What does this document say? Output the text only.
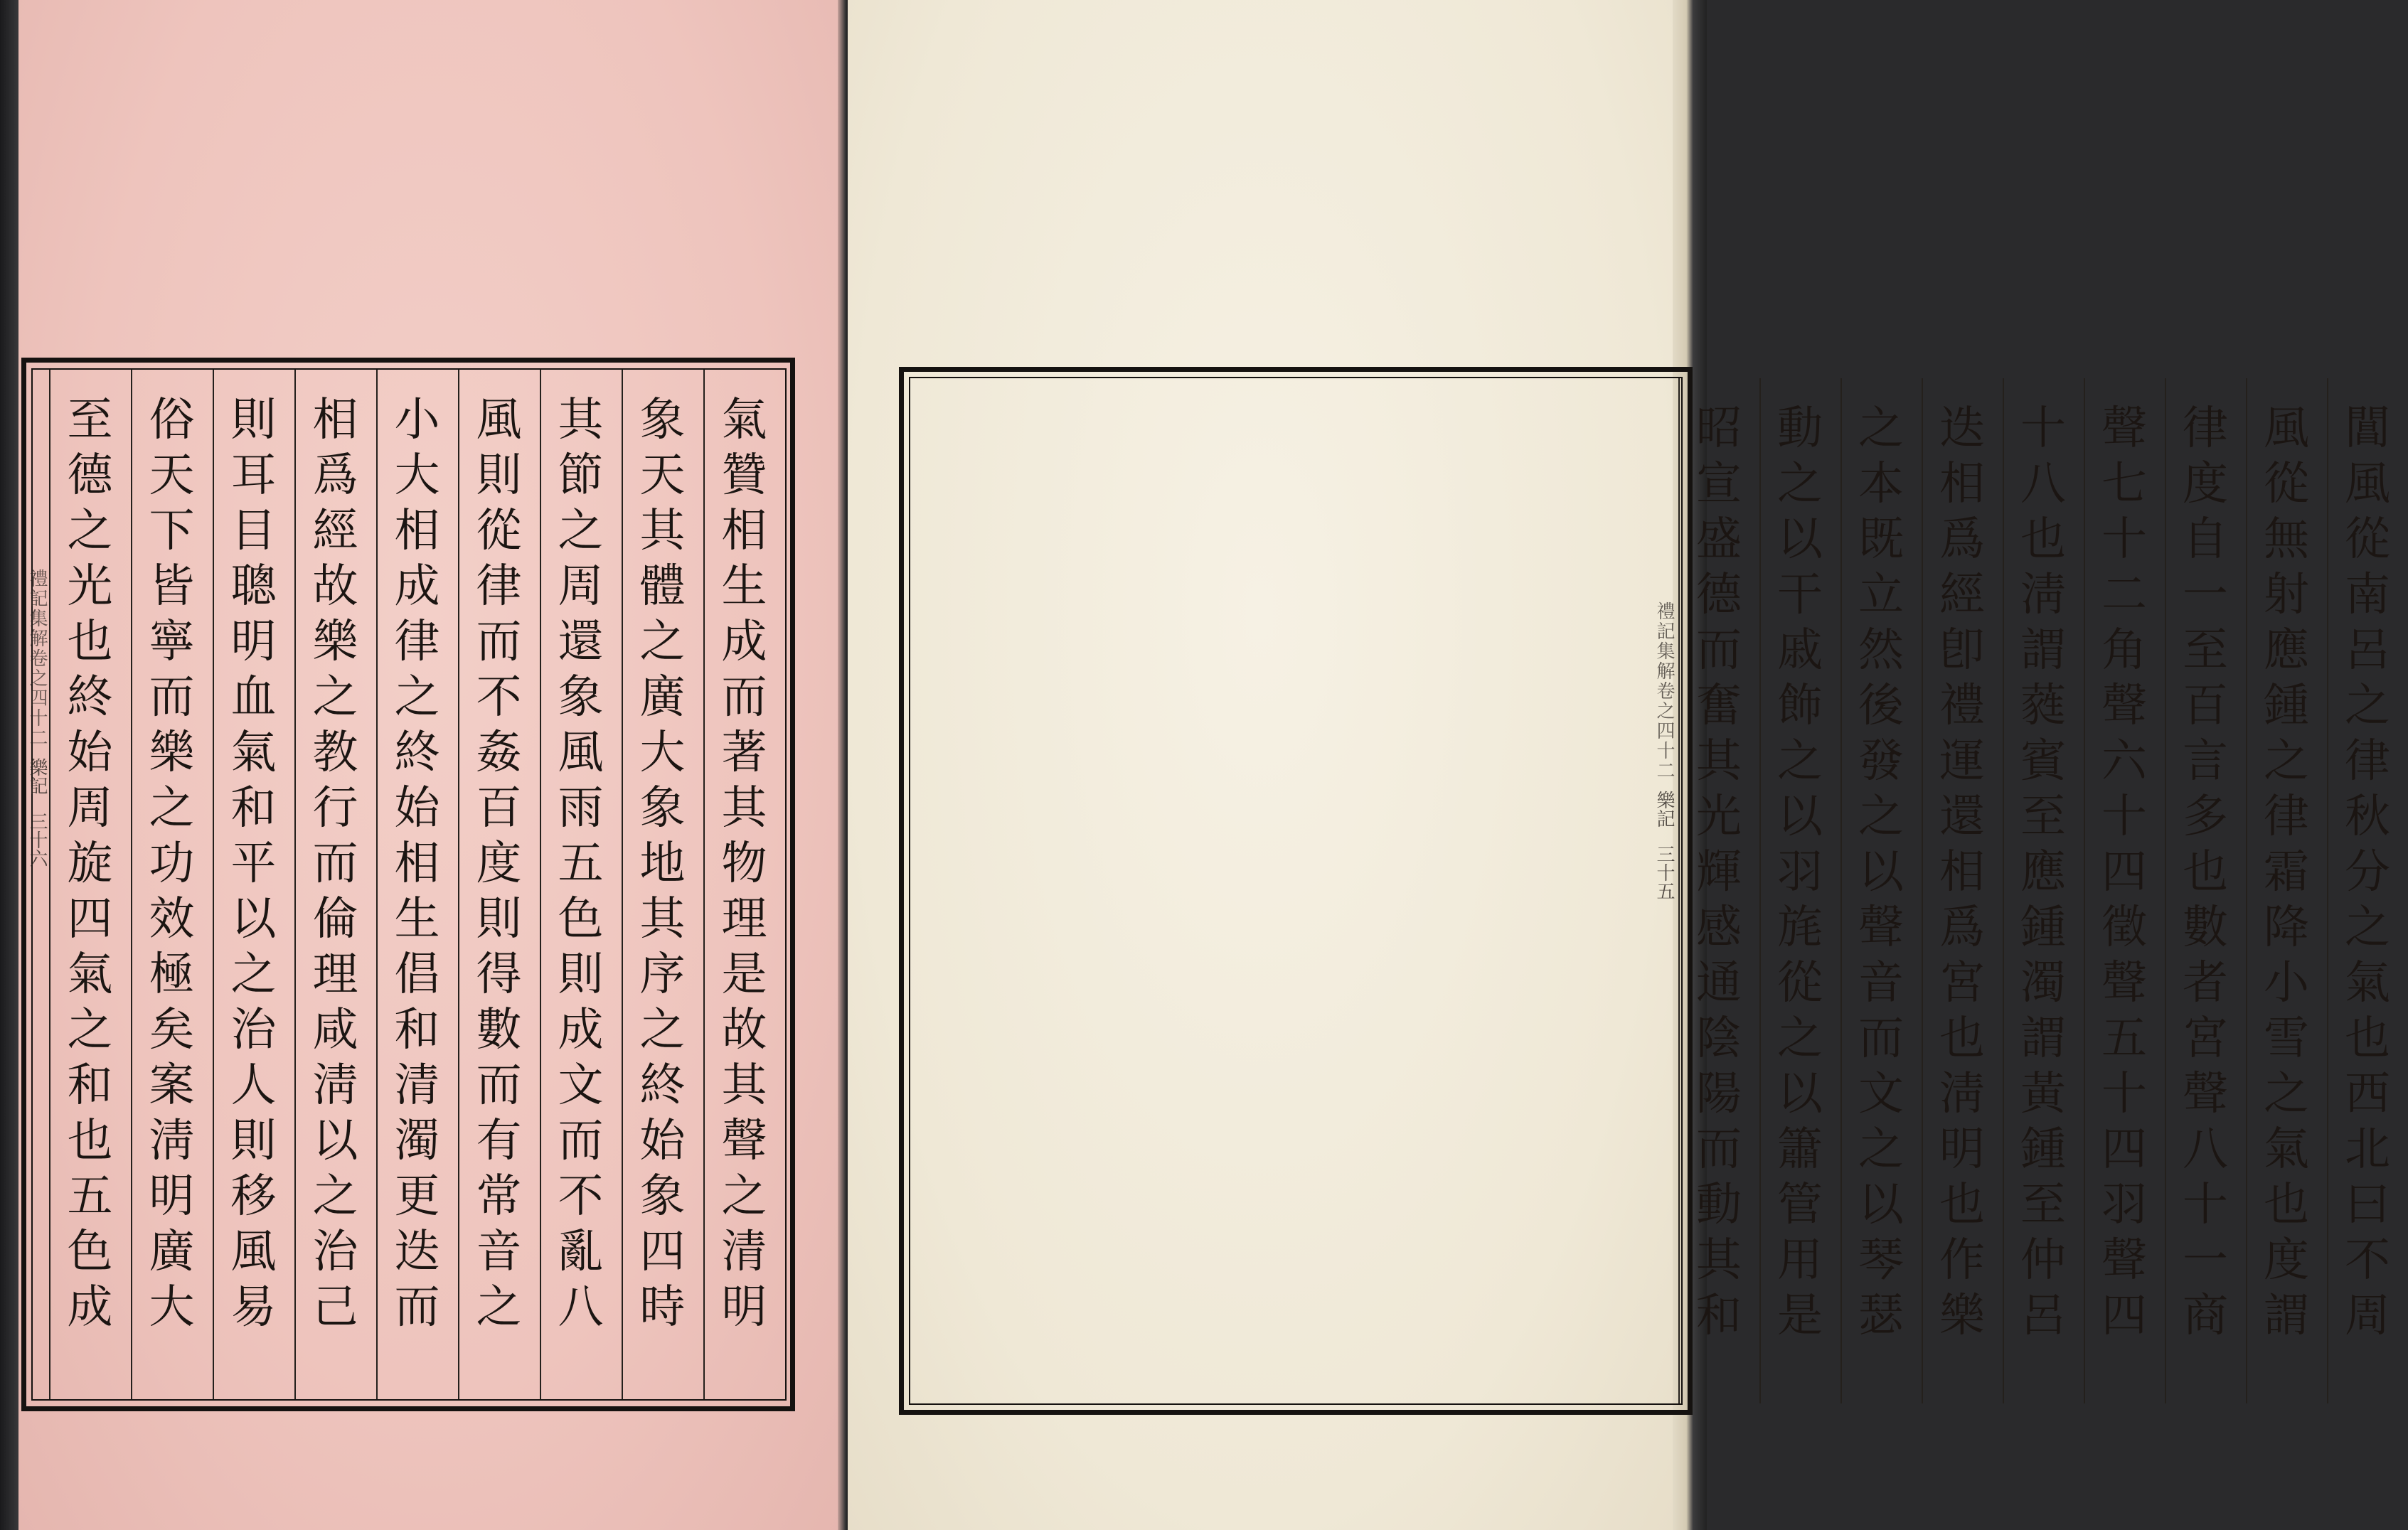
氣
贊
相
生
成
而
著
其
物
理
是
故
其
聲
之
清
明
象
天
其
體
之
廣
大
象
地
其
序
之
終
始
象
四
時
其
節
之
周
還
象
風
雨
五
色
則
成
文
而
不
亂
八
風
則
從
律
而
不
姦
百
度
則
得
數
而
有
常
音
之
小
大
相
成
律
之
終
始
相
生
倡
和
清
濁
更
迭
而
相
爲
經
故
樂
之
教
行
而
倫
理
咸
淸
以
之
治
己
則
耳
目
聰
明
血
氣
和
平
以
之
治
人
則
移
風
易
俗
天
下
皆
寧
而
樂
之
功
效
極
矣
案
淸
明
廣
大
至
德
之
光
也
終
始
周
旋
四
氣
之
和
也
五
色
成
禮記集解卷之四十二
樂記
三十六
閶
風
從
南
呂
之
律
秋
分
之
氣
也
西
北
曰
不
周
風
從
無
射
應
鍾
之
律
霜
降
小
雪
之
氣
也
度
謂
律
度
自
一
至
百
言
多
也
數
者
宮
聲
八
十
一
商
聲
七
十
二
角
聲
六
十
四
徵
聲
五
十
四
羽
聲
四
十
八
也
淸
謂
蕤
賓
至
應
鍾
濁
謂
黃
鍾
至
仲
呂
迭
相
爲
經
卽
禮
運
還
相
爲
宮
也
淸
明
也
作
樂
之
本
既
立
然
後
發
之
以
聲
音
而
文
之
以
琴
瑟
動
之
以
干
戚
飾
之
以
羽
旄
從
之
以
簫
管
用
是
昭
宣
盛
德
而
奮
其
光
輝
感
通
陰
陽
而
動
其
和
禮記集解卷之四十二
樂記
三十五
